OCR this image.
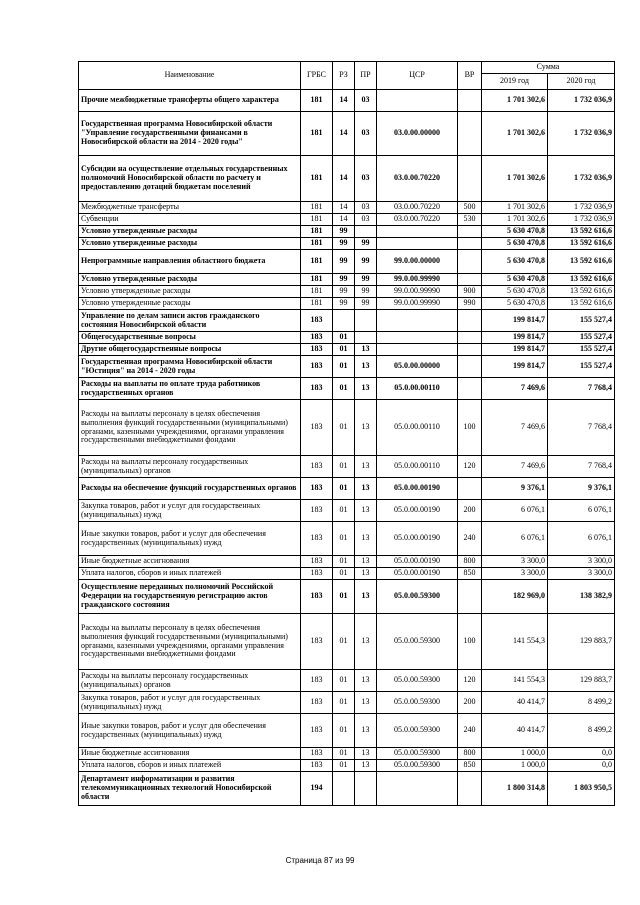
Наименование	ГРБС	РЗ	ПР	ЦСР	ВР	Сумма	
						2019 год	2020 год
Прочие межбюджетные трансферты общего характера	181	14	03			1 701 302,6	1 732 036,9
Государственная программа Новосибирской области "Управление государственными финансами в Новосибирской области на 2014 - 2020 годы"	181	14	03	03.0.00.00000		1 701 302,6	1 732 036,9
Субсидии на осуществление отдельных государственных полномочий Новосибирской области по расчету и предоставлению дотаций бюджетам поселений	181	14	03	03.0.00.70220		1 701 302,6	1 732 036,9
Межбюджетные трансферты	181	14	03	03.0.00.70220	500	1 701 302,6	1 732 036,9
Субвенции	181	14	03	03.0.00.70220	530	1 701 302,6	1 732 036,9
Условно утвержденные расходы	181	99				5 630 470,8	13 592 616,6
Условно утвержденные расходы	181	99	99			5 630 470,8	13 592 616,6
Непрограммные направления областного бюджета	181	99	99	99.0.00.00000		5 630 470,8	13 592 616,6
Условно утвержденные расходы	181	99	99	99.0.00.99990		5 630 470,8	13 592 616,6
Условно утвержденные расходы	181	99	99	99.0.00.99990	900	5 630 470,8	13 592 616,6
Условно утвержденные расходы	181	99	99	99.0.00.99990	990	5 630 470,8	13 592 616,6
Управление по делам записи актов гражданского состояния Новосибирской области	183					199 814,7	155 527,4
Общегосударственные вопросы	183	01				199 814,7	155 527,4
Другие общегосударственные вопросы	183	01	13			199 814,7	155 527,4
Государственная программа Новосибирской области "Юстиция" на 2014 - 2020 годы	183	01	13	05.0.00.00000		199 814,7	155 527,4
Расходы на выплаты по оплате труда работников государственных органов	183	01	13	05.0.00.00110		7 469,6	7 768,4
Расходы на выплаты персоналу в целях обеспечения выполнения функций государственными (муниципальными) органами, казенными учреждениями, органами управления государственными внебюджетными фондами	183	01	13	05.0.00.00110	100	7 469,6	7 768,4
Расходы на выплаты персоналу государственных (муниципальных) органов	183	01	13	05.0.00.00110	120	7 469,6	7 768,4
Расходы на обеспечение функций государственных органов	183	01	13	05.0.00.00190		9 376,1	9 376,1
Закупка товаров, работ и услуг для государственных (муниципальных) нужд	183	01	13	05.0.00.00190	200	6 076,1	6 076,1
Иные закупки товаров, работ и услуг для обеспечения государственных (муниципальных) нужд	183	01	13	05.0.00.00190	240	6 076,1	6 076,1
Иные бюджетные ассигнования	183	01	13	05.0.00.00190	800	3 300,0	3 300,0
Уплата налогов, сборов и иных платежей	183	01	13	05.0.00.00190	850	3 300,0	3 300,0
Осуществление переданных полномочий Российской Федерации на государственную регистрацию актов гражданского состояния	183	01	13	05.0.00.59300		182 969,0	138 382,9
Расходы на выплаты персоналу в целях обеспечения выполнения функций государственными (муниципальными) органами, казенными учреждениями, органами управления государственными внебюджетными фондами	183	01	13	05.0.00.59300	100	141 554,3	129 883,7
Расходы на выплаты персоналу государственных (муниципальных) органов	183	01	13	05.0.00.59300	120	141 554,3	129 883,7
Закупка товаров, работ и услуг для государственных (муниципальных) нужд	183	01	13	05.0.00.59300	200	40 414,7	8 499,2
Иные закупки товаров, работ и услуг для обеспечения государственных (муниципальных) нужд	183	01	13	05.0.00.59300	240	40 414,7	8 499,2
Иные бюджетные ассигнования	183	01	13	05.0.00.59300	800	1 000,0	0,0
Уплата налогов, сборов и иных платежей	183	01	13	05.0.00.59300	850	1 000,0	0,0
Департамент информатизации и развития телекоммуникационных технологий Новосибирской области	194					1 800 314,8	1 803 950,5
Страница 87 из 99
